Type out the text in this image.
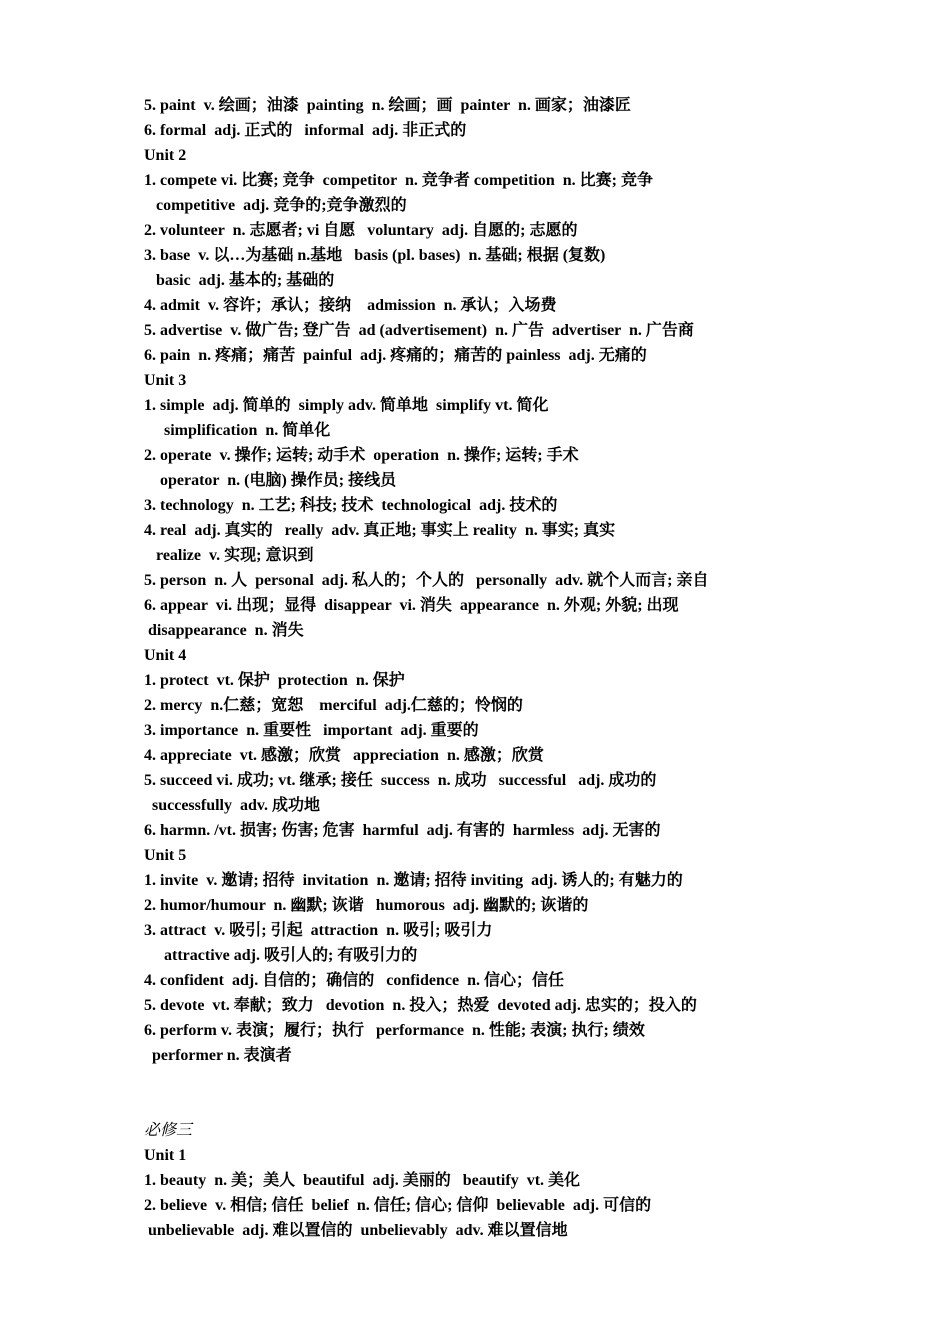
5. paint  v. 绘画；油漆  painting  n. 绘画；画  painter  n. 画家；油漆匠
6. formal  adj. 正式的   informal  adj. 非正式的
Unit 2
1. compete vi. 比赛; 竞争  competitor  n. 竞争者 competition  n. 比赛; 竞争
competitive  adj. 竞争的;竞争激烈的
2. volunteer  n. 志愿者; vi 自愿   voluntary  adj. 自愿的; 志愿的
3. base  v. 以…为基础 n.基地   basis (pl. bases)  n. 基础; 根据 (复数)
basic  adj. 基本的; 基础的
4. admit  v. 容许；承认；接纳    admission  n. 承认；入场费
5. advertise  v. 做广告; 登广告  ad (advertisement)  n. 广告  advertiser  n. 广告商
6. pain  n. 疼痛；痛苦  painful  adj. 疼痛的；痛苦的 painless  adj. 无痛的
Unit 3
1. simple  adj. 简单的  simply adv. 简单地  simplify vt. 简化
simplification  n. 简单化
2. operate  v. 操作; 运转; 动手术  operation  n. 操作; 运转; 手术
operator  n. (电脑) 操作员; 接线员
3. technology  n. 工艺; 科技; 技术  technological  adj. 技术的
4. real  adj. 真实的   really  adv. 真正地; 事实上 reality  n. 事实; 真实
realize  v. 实现; 意识到
5. person  n. 人  personal  adj. 私人的；个人的   personally  adv. 就个人而言; 亲自
6. appear  vi. 出现；显得  disappear  vi. 消失  appearance  n. 外观; 外貌; 出现
disappearance  n. 消失
Unit 4
1. protect  vt. 保护  protection  n. 保护
2. mercy  n.仁慈；宽恕    merciful  adj.仁慈的；怜悯的
3. importance  n. 重要性   important  adj. 重要的
4. appreciate  vt. 感激；欣赏   appreciation  n. 感激；欣赏
5. succeed vi. 成功; vt. 继承; 接任  success  n. 成功   successful   adj. 成功的
successfully  adv. 成功地
6. harmn. /vt. 损害; 伤害; 危害  harmful  adj. 有害的  harmless  adj. 无害的
Unit 5
1. invite  v. 邀请; 招待  invitation  n. 邀请; 招待 inviting  adj. 诱人的; 有魅力的
2. humor/humour  n. 幽默; 诙谐   humorous  adj. 幽默的; 诙谐的
3. attract  v. 吸引; 引起  attraction  n. 吸引; 吸引力
attractive adj. 吸引人的; 有吸引力的
4. confident  adj. 自信的；确信的   confidence  n. 信心；信任
5. devote  vt. 奉献；致力   devotion  n. 投入；热爱  devoted adj. 忠实的；投入的
6. perform v. 表演；履行；执行   performance  n. 性能; 表演; 执行; 绩效
performer n. 表演者
必修三
Unit 1
1. beauty  n. 美；美人  beautiful  adj. 美丽的   beautify  vt. 美化
2. believe  v. 相信; 信任  belief  n. 信任; 信心; 信仰  believable  adj. 可信的
unbelievable  adj. 难以置信的  unbelievably  adv. 难以置信地
